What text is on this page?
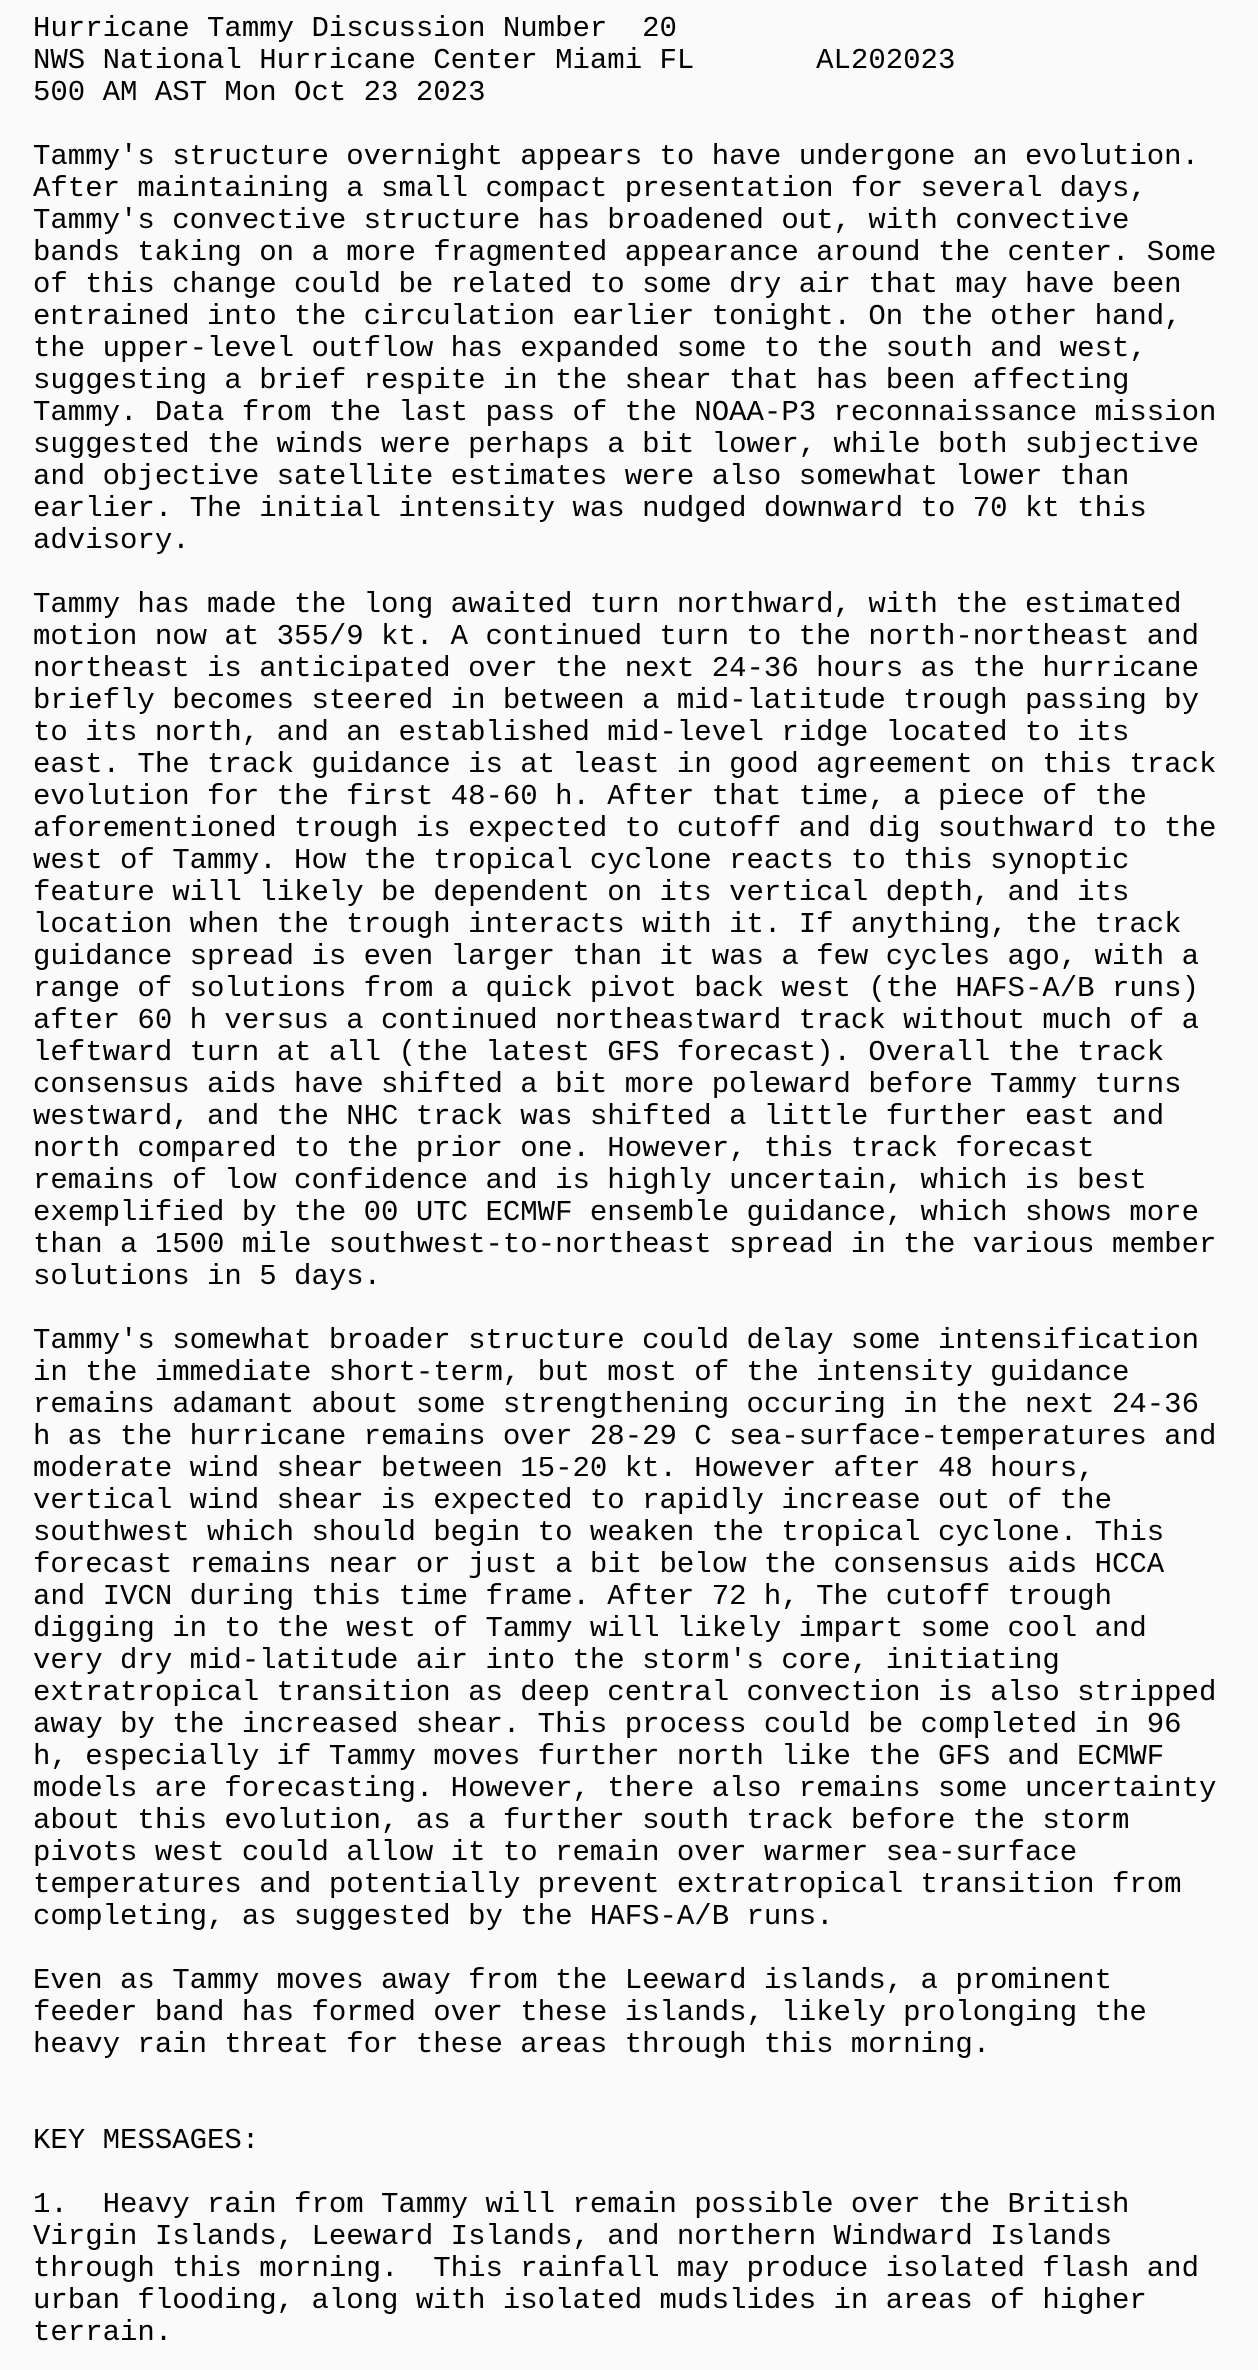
Hurricane Tammy Discussion Number  20
NWS National Hurricane Center Miami FL       AL202023
500 AM AST Mon Oct 23 2023
Tammy's structure overnight appears to have undergone an evolution.
After maintaining a small compact presentation for several days,
Tammy's convective structure has broadened out, with convective
bands taking on a more fragmented appearance around the center. Some
of this change could be related to some dry air that may have been
entrained into the circulation earlier tonight. On the other hand,
the upper-level outflow has expanded some to the south and west,
suggesting a brief respite in the shear that has been affecting
Tammy. Data from the last pass of the NOAA-P3 reconnaissance mission
suggested the winds were perhaps a bit lower, while both subjective
and objective satellite estimates were also somewhat lower than
earlier. The initial intensity was nudged downward to 70 kt this
advisory.
Tammy has made the long awaited turn northward, with the estimated
motion now at 355/9 kt. A continued turn to the north-northeast and
northeast is anticipated over the next 24-36 hours as the hurricane
briefly becomes steered in between a mid-latitude trough passing by
to its north, and an established mid-level ridge located to its
east. The track guidance is at least in good agreement on this track
evolution for the first 48-60 h. After that time, a piece of the
aforementioned trough is expected to cutoff and dig southward to the
west of Tammy. How the tropical cyclone reacts to this synoptic
feature will likely be dependent on its vertical depth, and its
location when the trough interacts with it. If anything, the track
guidance spread is even larger than it was a few cycles ago, with a
range of solutions from a quick pivot back west (the HAFS-A/B runs)
after 60 h versus a continued northeastward track without much of a
leftward turn at all (the latest GFS forecast). Overall the track
consensus aids have shifted a bit more poleward before Tammy turns
westward, and the NHC track was shifted a little further east and
north compared to the prior one. However, this track forecast
remains of low confidence and is highly uncertain, which is best
exemplified by the 00 UTC ECMWF ensemble guidance, which shows more
than a 1500 mile southwest-to-northeast spread in the various member
solutions in 5 days.
Tammy's somewhat broader structure could delay some intensification
in the immediate short-term, but most of the intensity guidance
remains adamant about some strengthening occuring in the next 24-36
h as the hurricane remains over 28-29 C sea-surface-temperatures and
moderate wind shear between 15-20 kt. However after 48 hours,
vertical wind shear is expected to rapidly increase out of the
southwest which should begin to weaken the tropical cyclone. This
forecast remains near or just a bit below the consensus aids HCCA
and IVCN during this time frame. After 72 h, The cutoff trough
digging in to the west of Tammy will likely impart some cool and
very dry mid-latitude air into the storm's core, initiating
extratropical transition as deep central convection is also stripped
away by the increased shear. This process could be completed in 96
h, especially if Tammy moves further north like the GFS and ECMWF
models are forecasting. However, there also remains some uncertainty
about this evolution, as a further south track before the storm
pivots west could allow it to remain over warmer sea-surface
temperatures and potentially prevent extratropical transition from
completing, as suggested by the HAFS-A/B runs.
Even as Tammy moves away from the Leeward islands, a prominent
feeder band has formed over these islands, likely prolonging the
heavy rain threat for these areas through this morning.
KEY MESSAGES:
1.  Heavy rain from Tammy will remain possible over the British
Virgin Islands, Leeward Islands, and northern Windward Islands
through this morning.  This rainfall may produce isolated flash and
urban flooding, along with isolated mudslides in areas of higher
terrain.
